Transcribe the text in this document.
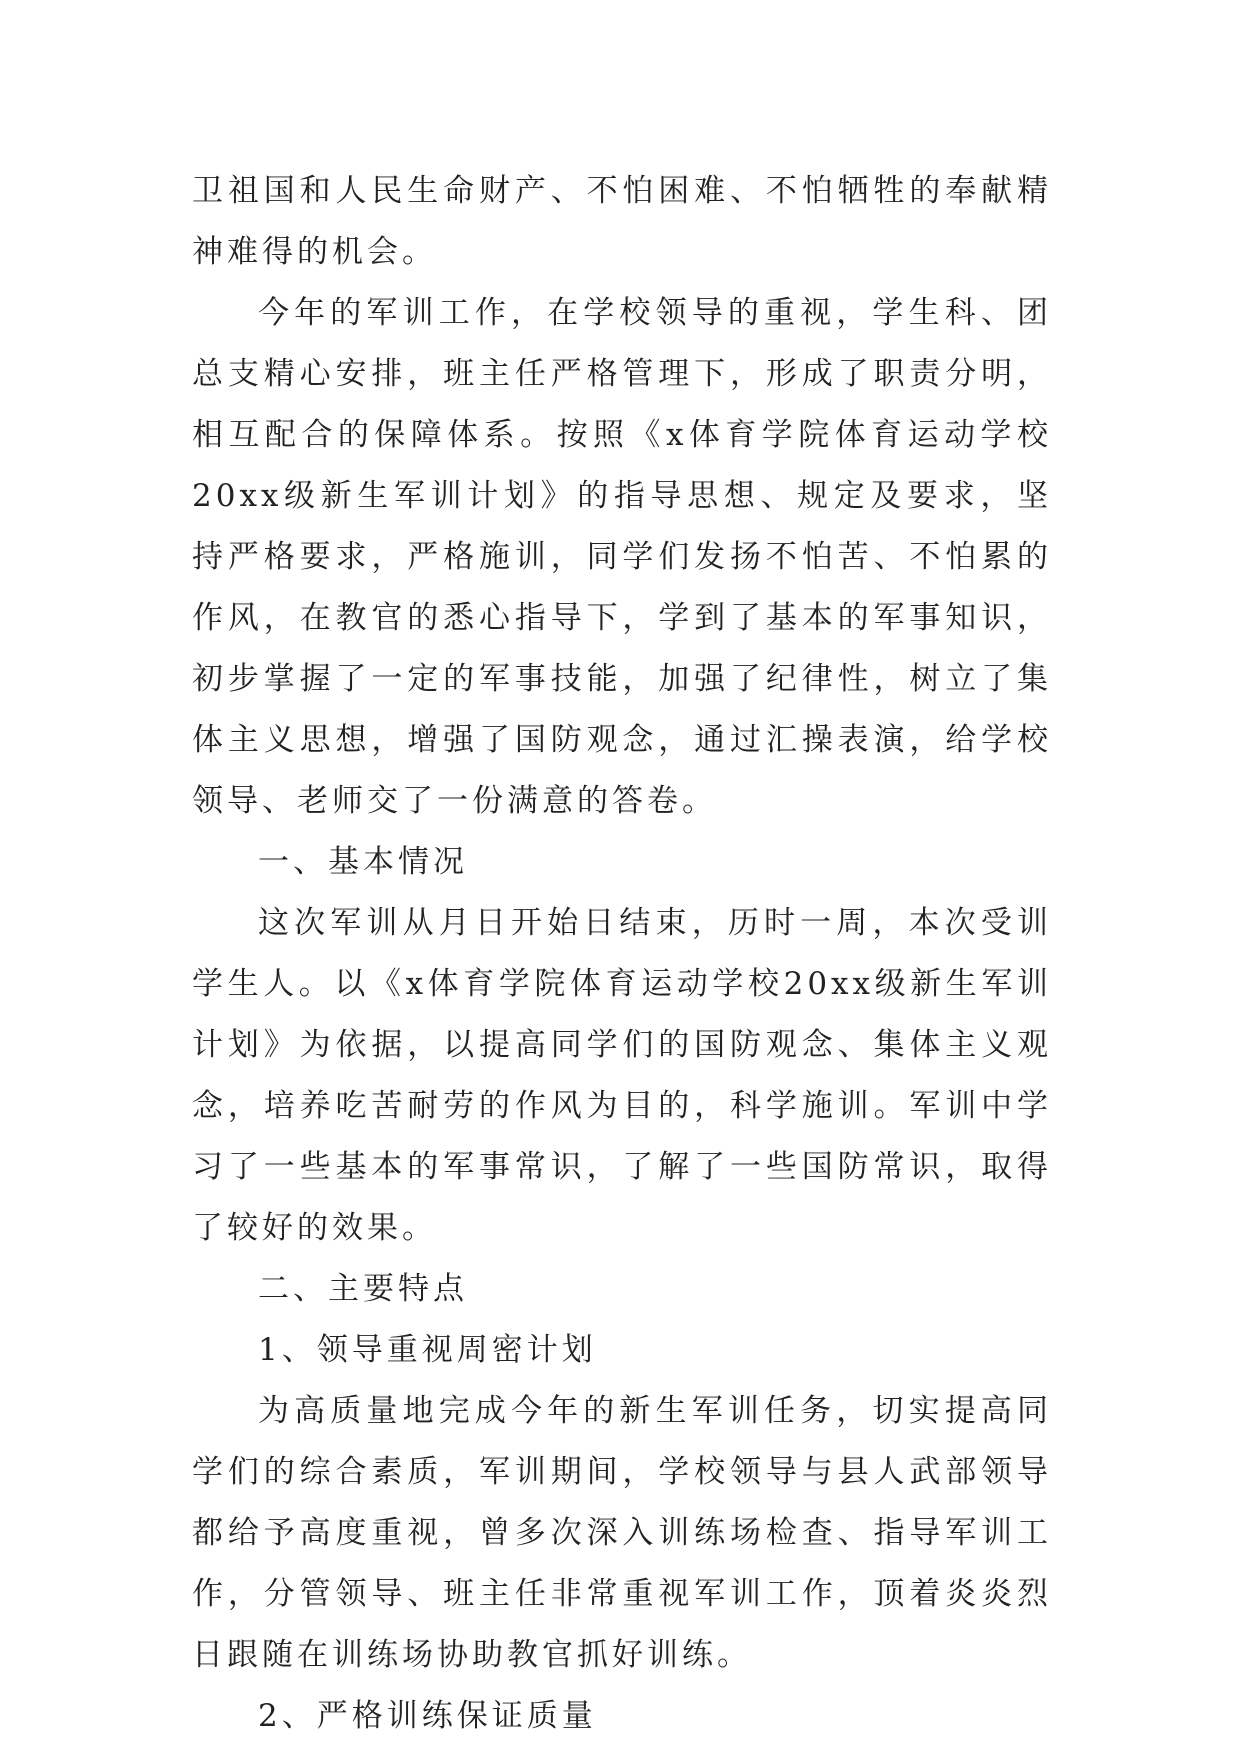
卫祖国和人民生命财产、不怕困难、不怕牺牲的奉献精神难得的机会。

今年的军训工作，在学校领导的重视，学生科、团总支精心安排，班主任严格管理下，形成了职责分明，相互配合的保障体系。按照《x体育学院体育运动学校20xx级新生军训计划》的指导思想、规定及要求，坚持严格要求，严格施训，同学们发扬不怕苦、不怕累的作风，在教官的悉心指导下，学到了基本的军事知识，初步掌握了一定的军事技能，加强了纪律性，树立了集体主义思想，增强了国防观念，通过汇操表演，给学校领导、老师交了一份满意的答卷。

一、基本情况

这次军训从月日开始日结束，历时一周，本次受训学生人。以《x体育学院体育运动学校20xx级新生军训计划》为依据，以提高同学们的国防观念、集体主义观念，培养吃苦耐劳的作风为目的，科学施训。军训中学习了一些基本的军事常识，了解了一些国防常识，取得了较好的效果。

二、主要特点

1、领导重视周密计划

为高质量地完成今年的新生军训任务，切实提高同学们的综合素质，军训期间，学校领导与县人武部领导都给予高度重视，曾多次深入训练场检查、指导军训工作，分管领导、班主任非常重视军训工作，顶着炎炎烈日跟随在训练场协助教官抓好训练。

2、严格训练保证质量
